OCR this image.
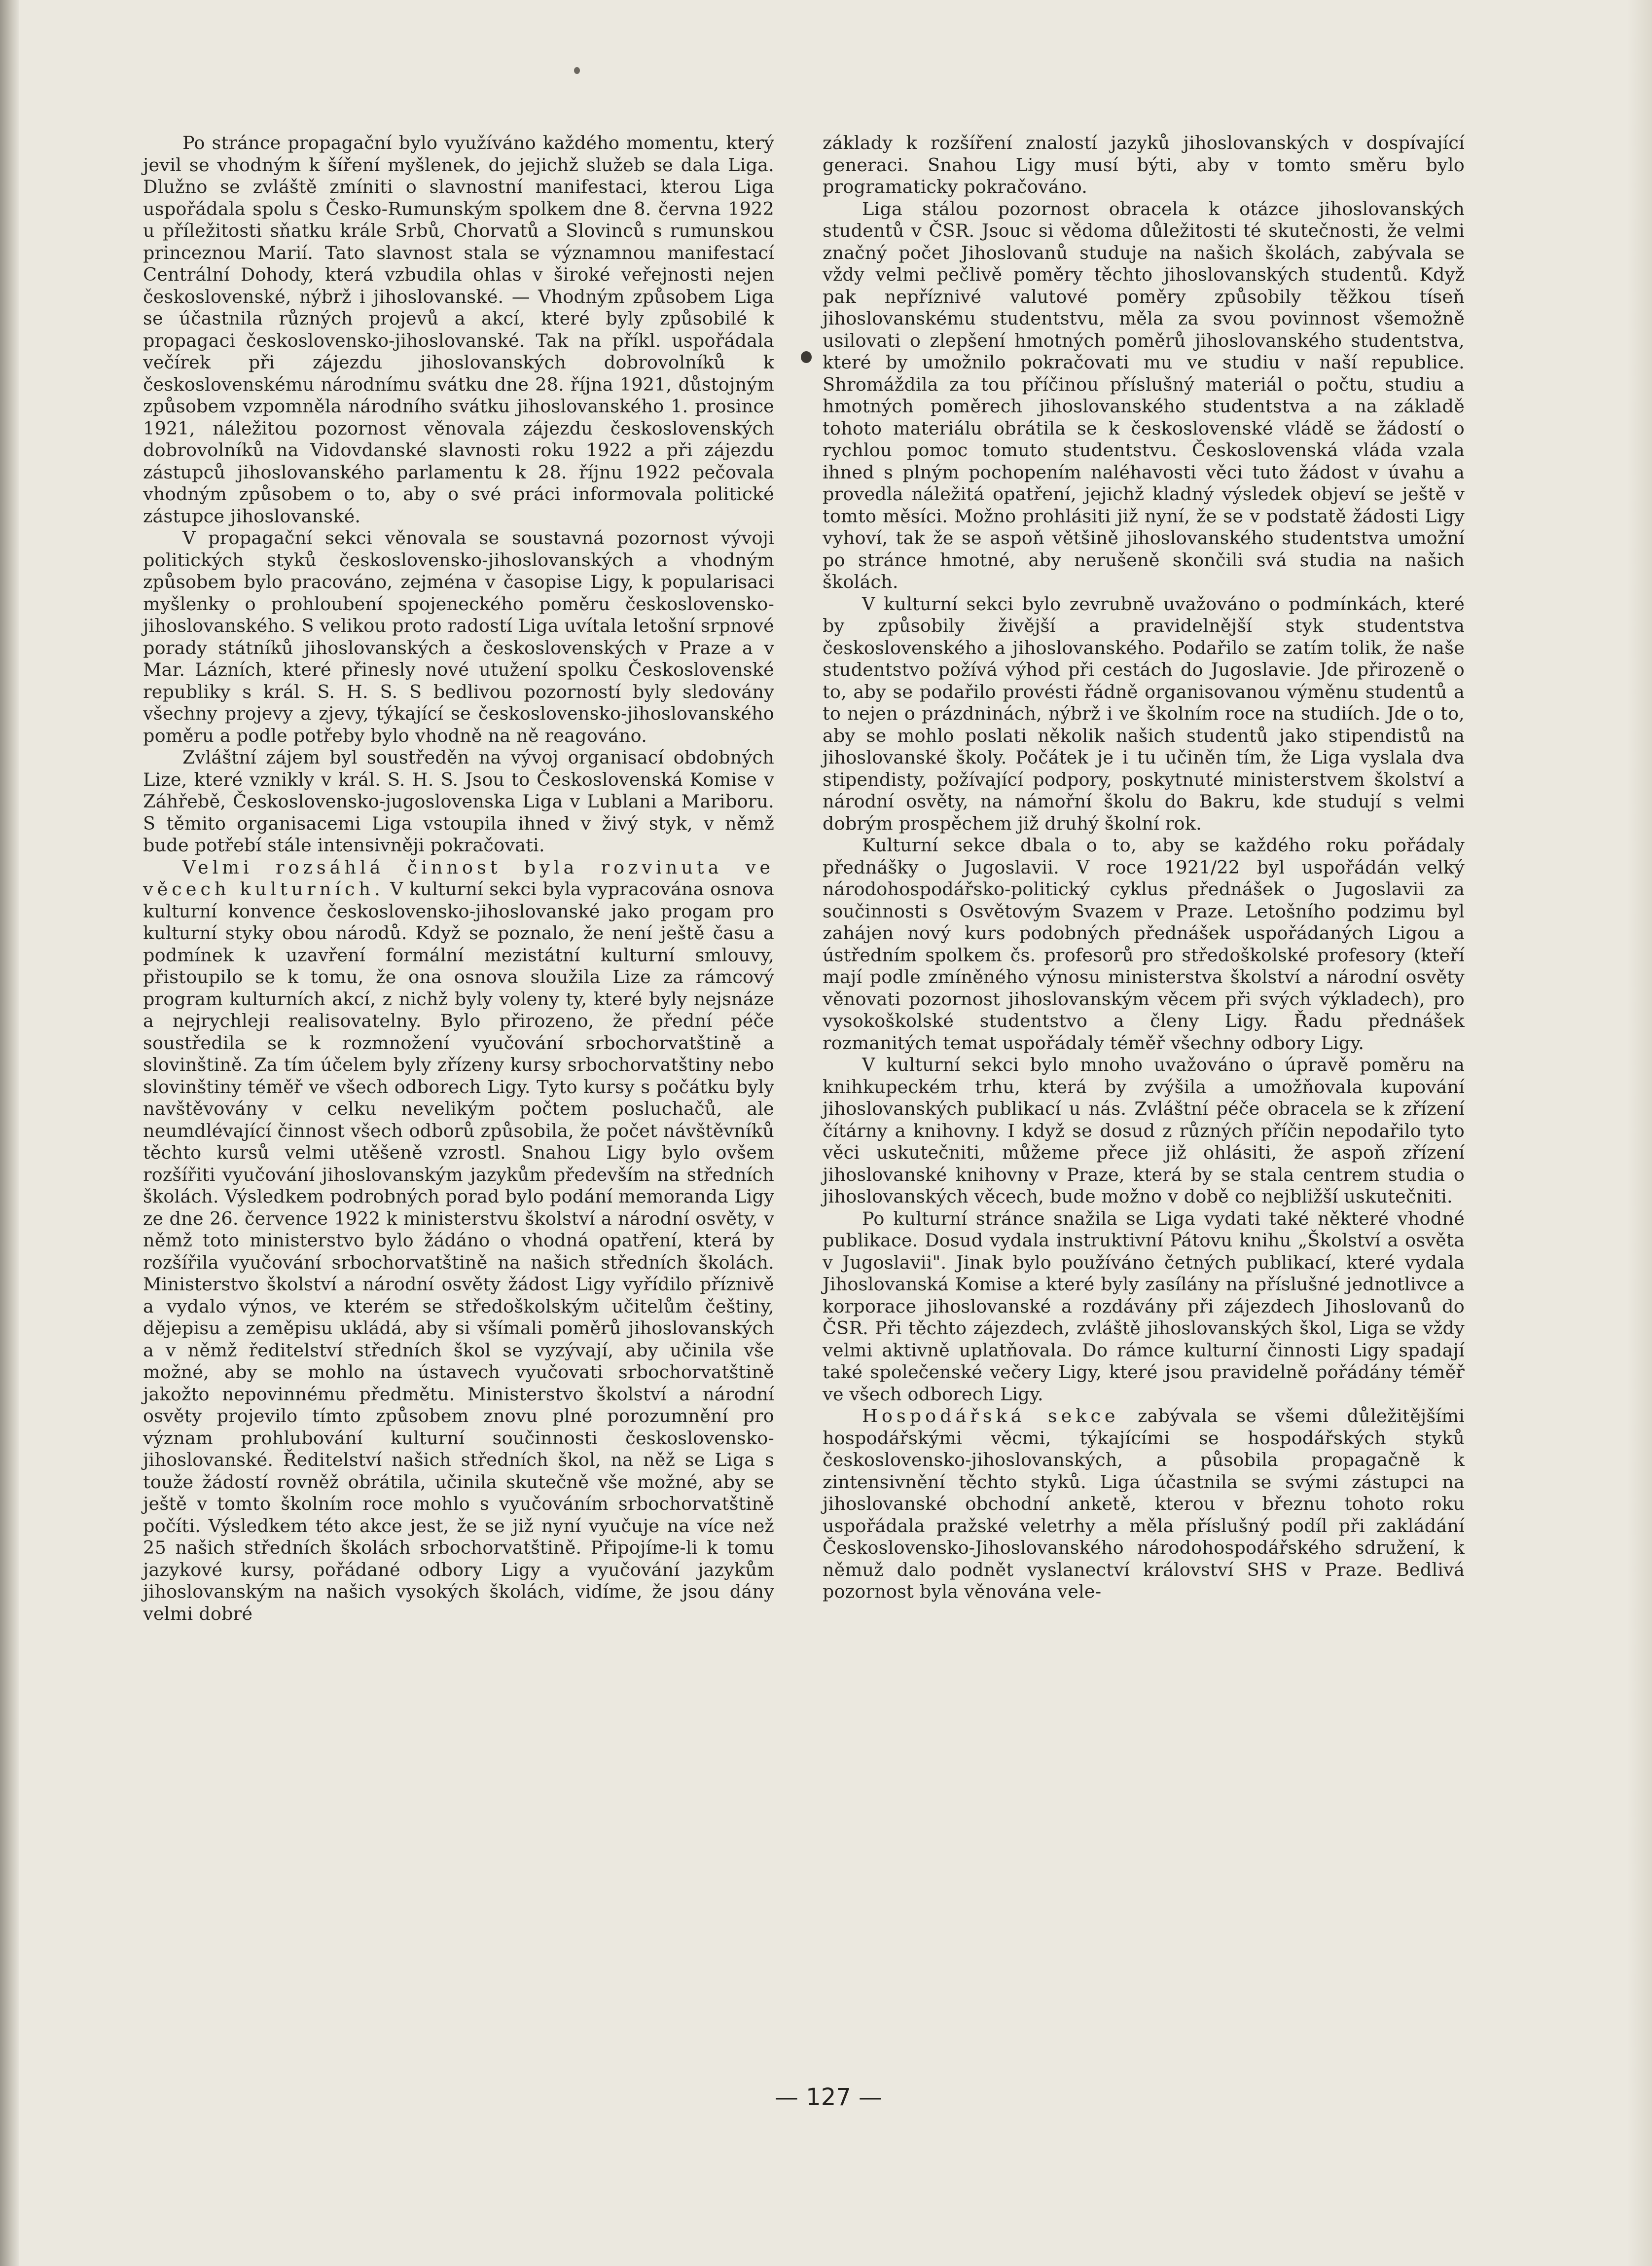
Po stránce propagační bylo využíváno každého momentu, který jevil se vhodným k šíření myšlenek, do jejichž služeb se dala Liga. Dlužno se zvláště zmíniti o slavnostní manifestaci, kterou Liga uspořádala spolu s Česko-Rumunským spolkem dne 8. června 1922 u příležitosti sňatku krále Srbů, Chorvatů a Slovinců s rumunskou princeznou Marií. Tato slavnost stala se významnou manifestací Centrální Dohody, která vzbudila ohlas v široké veřejnosti nejen československé, nýbrž i jihoslovanské. — Vhodným způsobem Liga se účastnila různých projevů a akcí, které byly způsobilé k propagaci československo-jihoslovanské. Tak na příkl. uspořádala večírek při zájezdu jihoslovanských dobrovolníků k československému národnímu svátku dne 28. října 1921, důstojným způsobem vzpomněla národního svátku jihoslovanského 1. prosince 1921, náležitou pozornost věnovala zájezdu československých dobrovolníků na Vidovdanské slavnosti roku 1922 a při zájezdu zástupců jihoslovanského parlamentu k 28. říjnu 1922 pečovala vhodným způsobem o to, aby o své práci informovala politické zástupce jihoslovanské.

V propagační sekci věnovala se soustavná pozornost vývoji politických styků československo-jihoslovanských a vhodným způsobem bylo pracováno, zejména v časopise Ligy, k popularisaci myšlenky o prohloubení spojeneckého poměru československo-jihoslovanského. S velikou proto radostí Liga uvítala letošní srpnové porady státníků jihoslovanských a československých v Praze a v Mar. Lázních, které přinesly nové utužení spolku Československé republiky s král. S. H. S. S bedlivou pozorností byly sledovány všechny projevy a zjevy, týkající se československo-jihoslovanského poměru a podle potřeby bylo vhodně na ně reagováno.

Zvláštní zájem byl soustředěn na vývoj organisací obdobných Lize, které vznikly v král. S. H. S. Jsou to Československá Komise v Záhřebě, Československo-jugoslovenska Liga v Lublani a Mariboru. S těmito organisacemi Liga vstoupila ihned v živý styk, v němž bude potřebí stále intensivněji pokračovati.

Velmi rozsáhlá činnost byla rozvinuta ve věcech kulturních. V kulturní sekci byla vypracována osnova kulturní konvence československo-jihoslovanské jako progam pro kulturní styky obou národů. Když se poznalo, že není ještě času a podmínek k uzavření formální mezistátní kulturní smlouvy, přistoupilo se k tomu, že ona osnova sloužila Lize za rámcový program kulturních akcí, z nichž byly voleny ty, které byly nejsnáze a nejrychleji realisovatelny. Bylo přirozeno, že přední péče soustředila se k rozmnožení vyučování srbochorvatštině a slovinštině. Za tím účelem byly zřízeny kursy srbochorvatštiny nebo slovinštiny téměř ve všech odborech Ligy. Tyto kursy s počátku byly navštěvovány v celku nevelikým počtem posluchačů, ale neumdlévající činnost všech odborů způsobila, že počet návštěvníků těchto kursů velmi utěšeně vzrostl. Snahou Ligy bylo ovšem rozšířiti vyučování jihoslovanským jazykům především na středních školách. Výsledkem podrobných porad bylo podání memoranda Ligy ze dne 26. července 1922 k ministerstvu školství a národní osvěty, v němž toto ministerstvo bylo žádáno o vhodná opatření, která by rozšířila vyučování srbochorvatštině na našich středních školách. Ministerstvo školství a národní osvěty žádost Ligy vyřídilo příznivě a vydalo výnos, ve kterém se středoškolským učitelům češtiny, dějepisu a zeměpisu ukládá, aby si všímali poměrů jihoslovanských a v němž ředitelství středních škol se vyzývají, aby učinila vše možné, aby se mohlo na ústavech vyučovati srbochorvatštině jakožto nepovinnému předmětu. Ministerstvo školství a národní osvěty projevilo tímto způsobem znovu plné porozumnění pro význam prohlubování kulturní součinnosti československo-jihoslovanské. Ředitelství našich středních škol, na něž se Liga s touže žádostí rovněž obrátila, učinila skutečně vše možné, aby se ještě v tomto školním roce mohlo s vyučováním srbochorvatštině počíti. Výsledkem této akce jest, že se již nyní vyučuje na více než 25 našich středních školách srbochorvatštině. Připojíme-li k tomu jazykové kursy, pořádané odbory Ligy a vyučování jazykům jihoslovanským na našich vysokých školách, vidíme, že jsou dány velmi dobré

základy k rozšíření znalostí jazyků jihoslovanských v dospívající generaci. Snahou Ligy musí býti, aby v tomto směru bylo programaticky pokračováno.

Liga stálou pozornost obracela k otázce jihoslovanských studentů v ČSR. Jsouc si vědoma důležitosti té skutečnosti, že velmi značný počet Jihoslovanů studuje na našich školách, zabývala se vždy velmi pečlivě poměry těchto jihoslovanských studentů. Když pak nepříznivé valutové poměry způsobily těžkou tíseň jihoslovanskému studentstvu, měla za svou povinnost všemožně usilovati o zlepšení hmotných poměrů jihoslovanského studentstva, které by umožnilo pokračovati mu ve studiu v naší republice. Shromáždila za tou příčinou příslušný materiál o počtu, studiu a hmotných poměrech jihoslovanského studentstva a na základě tohoto materiálu obrátila se k československé vládě se žádostí o rychlou pomoc tomuto studentstvu. Československá vláda vzala ihned s plným pochopením naléhavosti věci tuto žádost v úvahu a provedla náležitá opatření, jejichž kladný výsledek objeví se ještě v tomto měsíci. Možno prohlásiti již nyní, že se v podstatě žádosti Ligy vyhoví, tak že se aspoň většině jihoslovanského studentstva umožní po stránce hmotné, aby nerušeně skončili svá studia na našich školách.

V kulturní sekci bylo zevrubně uvažováno o podmínkách, které by způsobily živější a pravidelnější styk studentstva československého a jihoslovanského. Podařilo se zatím tolik, že naše studentstvo požívá výhod při cestách do Jugoslavie. Jde přirozeně o to, aby se podařilo provésti řádně organisovanou výměnu studentů a to nejen o prázdninách, nýbrž i ve školním roce na studiích. Jde o to, aby se mohlo poslati několik našich studentů jako stipendistů na jihoslovanské školy. Počátek je i tu učiněn tím, že Liga vyslala dva stipendisty, požívající podpory, poskytnuté ministerstvem školství a národní osvěty, na námořní školu do Bakru, kde studují s velmi dobrým prospěchem již druhý školní rok.

Kulturní sekce dbala o to, aby se každého roku pořádaly přednášky o Jugoslavii. V roce 1921/22 byl uspořádán velký národohospodářsko-politický cyklus přednášek o Jugoslavii za součinnosti s Osvětovým Svazem v Praze. Letošního podzimu byl zahájen nový kurs podobných přednášek uspořádaných Ligou a ústředním spolkem čs. profesorů pro středoškolské profesory (kteří mají podle zmíněného výnosu ministerstva školství a národní osvěty věnovati pozornost jihoslovanským věcem při svých výkladech), pro vysokoškolské studentstvo a členy Ligy. Řadu přednášek rozmanitých temat uspořádaly téměř všechny odbory Ligy.

V kulturní sekci bylo mnoho uvažováno o úpravě poměru na knihkupeckém trhu, která by zvýšila a umožňovala kupování jihoslovanských publikací u nás. Zvláštní péče obracela se k zřízení čítárny a knihovny. I když se dosud z různých příčin nepodařilo tyto věci uskutečniti, můžeme přece již ohlásiti, že aspoň zřízení jihoslovanské knihovny v Praze, která by se stala centrem studia o jihoslovanských věcech, bude možno v době co nejbližší uskutečniti.

Po kulturní stránce snažila se Liga vydati také některé vhodné publikace. Dosud vydala instruktivní Pátovu knihu „Školství a osvěta v Jugoslavii". Jinak bylo používáno četných publikací, které vydala Jihoslovanská Komise a které byly zasílány na příslušné jednotlivce a korporace jihoslovanské a rozdávány při zájezdech Jihoslovanů do ČSR. Při těchto zájezdech, zvláště jihoslovanských škol, Liga se vždy velmi aktivně uplatňovala. Do rámce kulturní činnosti Ligy spadají také společenské večery Ligy, které jsou pravidelně pořádány téměř ve všech odborech Ligy.

Hospodářská sekce zabývala se všemi důležitějšími hospodářskými věcmi, týkajícími se hospodářských styků československo-jihoslovanských, a působila propagačně k zintensivnění těchto styků. Liga účastnila se svými zástupci na jihoslovanské obchodní anketě, kterou v březnu tohoto roku uspořádala pražské veletrhy a měla příslušný podíl při zakládání Československo-Jihoslovanského národohospodářského sdružení, k němuž dalo podnět vyslanectví království SHS v Praze. Bedlivá pozornost byla věnována vele-

— 127 —
